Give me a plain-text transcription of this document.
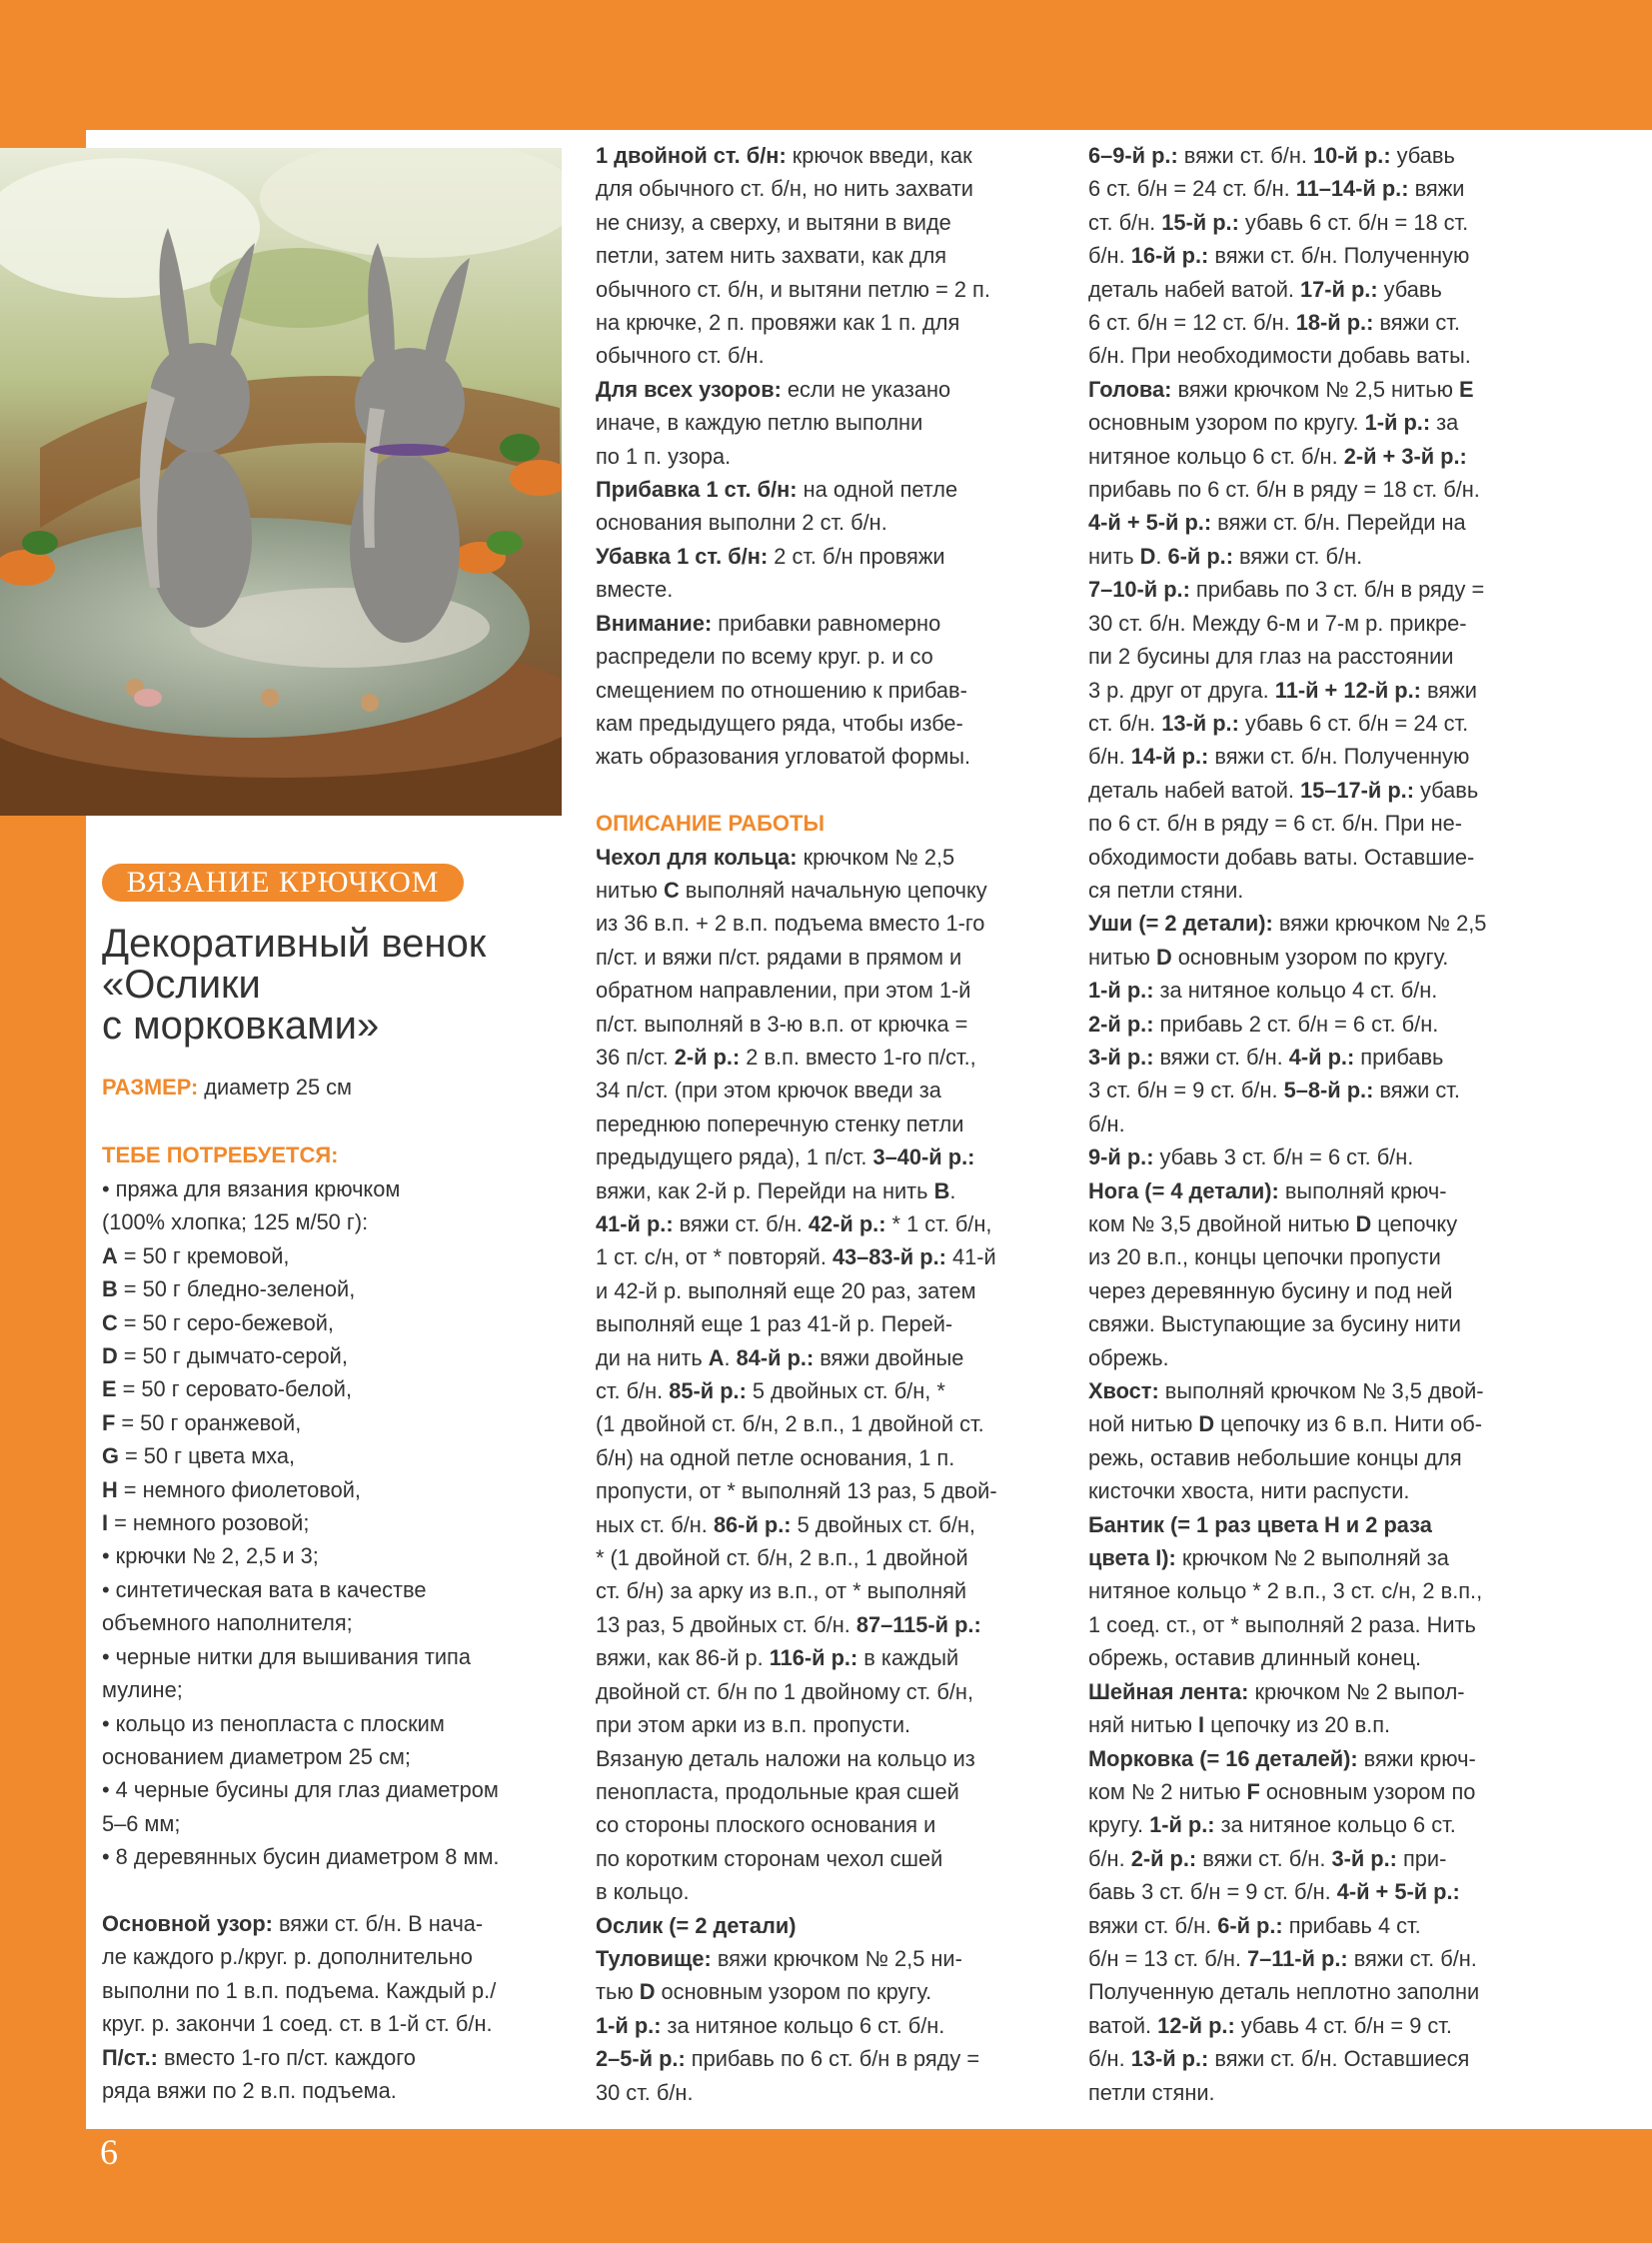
ВЯЗАНИЕ КРЮЧКОМ
Декоративный венок
«Ослики
с морковками»
РАЗМЕР: диаметр 25 см
ТЕБЕ ПОТРЕБУЕТСЯ:

• пряжа для вязания крючком

(100% хлопка; 125 м/50 г):

A = 50 г кремовой,

B = 50 г бледно-зеленой,

C = 50 г серо-бежевой,

D = 50 г дымчато-серой,

E = 50 г серовато-белой,

F = 50 г оранжевой,

G = 50 г цвета мха,

H = немного фиолетовой,

I = немного розовой;

• крючки № 2, 2,5 и 3;

• синтетическая вата в качестве

объемного наполнителя;

• черные нитки для вышивания типа

мулине;

• кольцо из пенопласта с плоским

основанием диаметром 25 см;

• 4 черные бусины для глаз диаметром

5–6 мм;

• 8 деревянных бусин диаметром 8 мм.

Основной узор: вяжи ст. б/н. В нача-

ле каждого р./круг. р. дополнительно

выполни по 1 в.п. подъема. Каждый р./

круг. р. закончи 1 соед. ст. в 1-й ст. б/н.

П/ст.: вместо 1-го п/ст. каждого

ряда вяжи по 2 в.п. подъема.

1 двойной ст. б/н: крючок введи, как

для обычного ст. б/н, но нить захвати

не снизу, а сверху, и вытяни в виде

петли, затем нить захвати, как для

обычного ст. б/н, и вытяни петлю = 2 п.

на крючке, 2 п. провяжи как 1 п. для

обычного ст. б/н.

Для всех узоров: если не указано

иначе, в каждую петлю выполни

по 1 п. узора.

Прибавка 1 ст. б/н: на одной петле

основания выполни 2 ст. б/н.

Убавка 1 ст. б/н: 2 ст. б/н провяжи

вместе.

Внимание: прибавки равномерно

распредели по всему круг. р. и со

смещением по отношению к прибав-

кам предыдущего ряда, чтобы избе-

жать образования угловатой формы.

ОПИСАНИЕ РАБОТЫ

Чехол для кольца: крючком № 2,5

нитью C выполняй начальную цепочку

из 36 в.п. + 2 в.п. подъема вместо 1-го

п/ст. и вяжи п/ст. рядами в прямом и

обратном направлении, при этом 1-й

п/ст. выполняй в 3-ю в.п. от крючка =

36 п/ст. 2-й р.: 2 в.п. вместо 1-го п/ст.,

34 п/ст. (при этом крючок введи за

переднюю поперечную стенку петли

предыдущего ряда), 1 п/ст. 3–40-й р.:

вяжи, как 2-й р. Перейди на нить B.

41-й р.: вяжи ст. б/н. 42-й р.: * 1 ст. б/н,

1 ст. с/н, от * повторяй. 43–83-й р.: 41-й

и 42-й р. выполняй еще 20 раз, затем

выполняй еще 1 раз 41-й р. Перей-

ди на нить A. 84-й р.: вяжи двойные

ст. б/н. 85-й р.: 5 двойных ст. б/н, *

(1 двойной ст. б/н, 2 в.п., 1 двойной ст.

б/н) на одной петле основания, 1 п.

пропусти, от * выполняй 13 раз, 5 двой-

ных ст. б/н. 86-й р.: 5 двойных ст. б/н,

* (1 двойной ст. б/н, 2 в.п., 1 двойной

ст. б/н) за арку из в.п., от * выполняй

13 раз, 5 двойных ст. б/н. 87–115-й р.:

вяжи, как 86-й р. 116-й р.: в каждый

двойной ст. б/н по 1 двойному ст. б/н,

при этом арки из в.п. пропусти.

Вязаную деталь наложи на кольцо из

пенопласта, продольные края сшей

со стороны плоского основания и

по коротким сторонам чехол сшей

в кольцо.

Ослик (= 2 детали)

Туловище: вяжи крючком № 2,5 ни-

тью D основным узором по кругу.

1-й р.: за нитяное кольцо 6 ст. б/н.

2–5-й р.: прибавь по 6 ст. б/н в ряду =

30 ст. б/н.

6–9-й р.: вяжи ст. б/н. 10-й р.: убавь

6 ст. б/н = 24 ст. б/н. 11–14-й р.: вяжи

ст. б/н. 15-й р.: убавь 6 ст. б/н = 18 ст.

б/н. 16-й р.: вяжи ст. б/н. Полученную

деталь набей ватой. 17-й р.: убавь

6 ст. б/н = 12 ст. б/н. 18-й р.: вяжи ст.

б/н. При необходимости добавь ваты.

Голова: вяжи крючком № 2,5 нитью E

основным узором по кругу. 1-й р.: за

нитяное кольцо 6 ст. б/н. 2-й + 3-й р.:

прибавь по 6 ст. б/н в ряду = 18 ст. б/н.

4-й + 5-й р.: вяжи ст. б/н. Перейди на

нить D. 6-й р.: вяжи ст. б/н.

7–10-й р.: прибавь по 3 ст. б/н в ряду =

30 ст. б/н. Между 6-м и 7-м р. прикре-

пи 2 бусины для глаз на расстоянии

3 р. друг от друга. 11-й + 12-й р.: вяжи

ст. б/н. 13-й р.: убавь 6 ст. б/н = 24 ст.

б/н. 14-й р.: вяжи ст. б/н. Полученную

деталь набей ватой. 15–17-й р.: убавь

по 6 ст. б/н в ряду = 6 ст. б/н. При не-

обходимости добавь ваты. Оставшие-

ся петли стяни.

Уши (= 2 детали): вяжи крючком № 2,5

нитью D основным узором по кругу.

1-й р.: за нитяное кольцо 4 ст. б/н.

2-й р.: прибавь 2 ст. б/н = 6 ст. б/н.

3-й р.: вяжи ст. б/н. 4-й р.: прибавь

3 ст. б/н = 9 ст. б/н. 5–8-й р.: вяжи ст.

б/н.

9-й р.: убавь 3 ст. б/н = 6 ст. б/н.

Нога (= 4 детали): выполняй крюч-

ком № 3,5 двойной нитью D цепочку

из 20 в.п., концы цепочки пропусти

через деревянную бусину и под ней

свяжи. Выступающие за бусину нити

обрежь.

Хвост: выполняй крючком № 3,5 двой-

ной нитью D цепочку из 6 в.п. Нити об-

режь, оставив небольшие концы для

кисточки хвоста, нити распусти.

Бантик (= 1 раз цвета H и 2 раза

цвета I): крючком № 2 выполняй за

нитяное кольцо * 2 в.п., 3 ст. с/н, 2 в.п.,

1 соед. ст., от * выполняй 2 раза. Нить

обрежь, оставив длинный конец.

Шейная лента: крючком № 2 выпол-

няй нитью I цепочку из 20 в.п.

Морковка (= 16 деталей): вяжи крюч-

ком № 2 нитью F основным узором по

кругу. 1-й р.: за нитяное кольцо 6 ст.

б/н. 2-й р.: вяжи ст. б/н. 3-й р.: при-

бавь 3 ст. б/н = 9 ст. б/н. 4-й + 5-й р.:

вяжи ст. б/н. 6-й р.: прибавь 4 ст.

б/н = 13 ст. б/н. 7–11-й р.: вяжи ст. б/н.

Полученную деталь неплотно заполни

ватой. 12-й р.: убавь 4 ст. б/н = 9 ст.

б/н. 13-й р.: вяжи ст. б/н. Оставшиеся

петли стяни.

6
